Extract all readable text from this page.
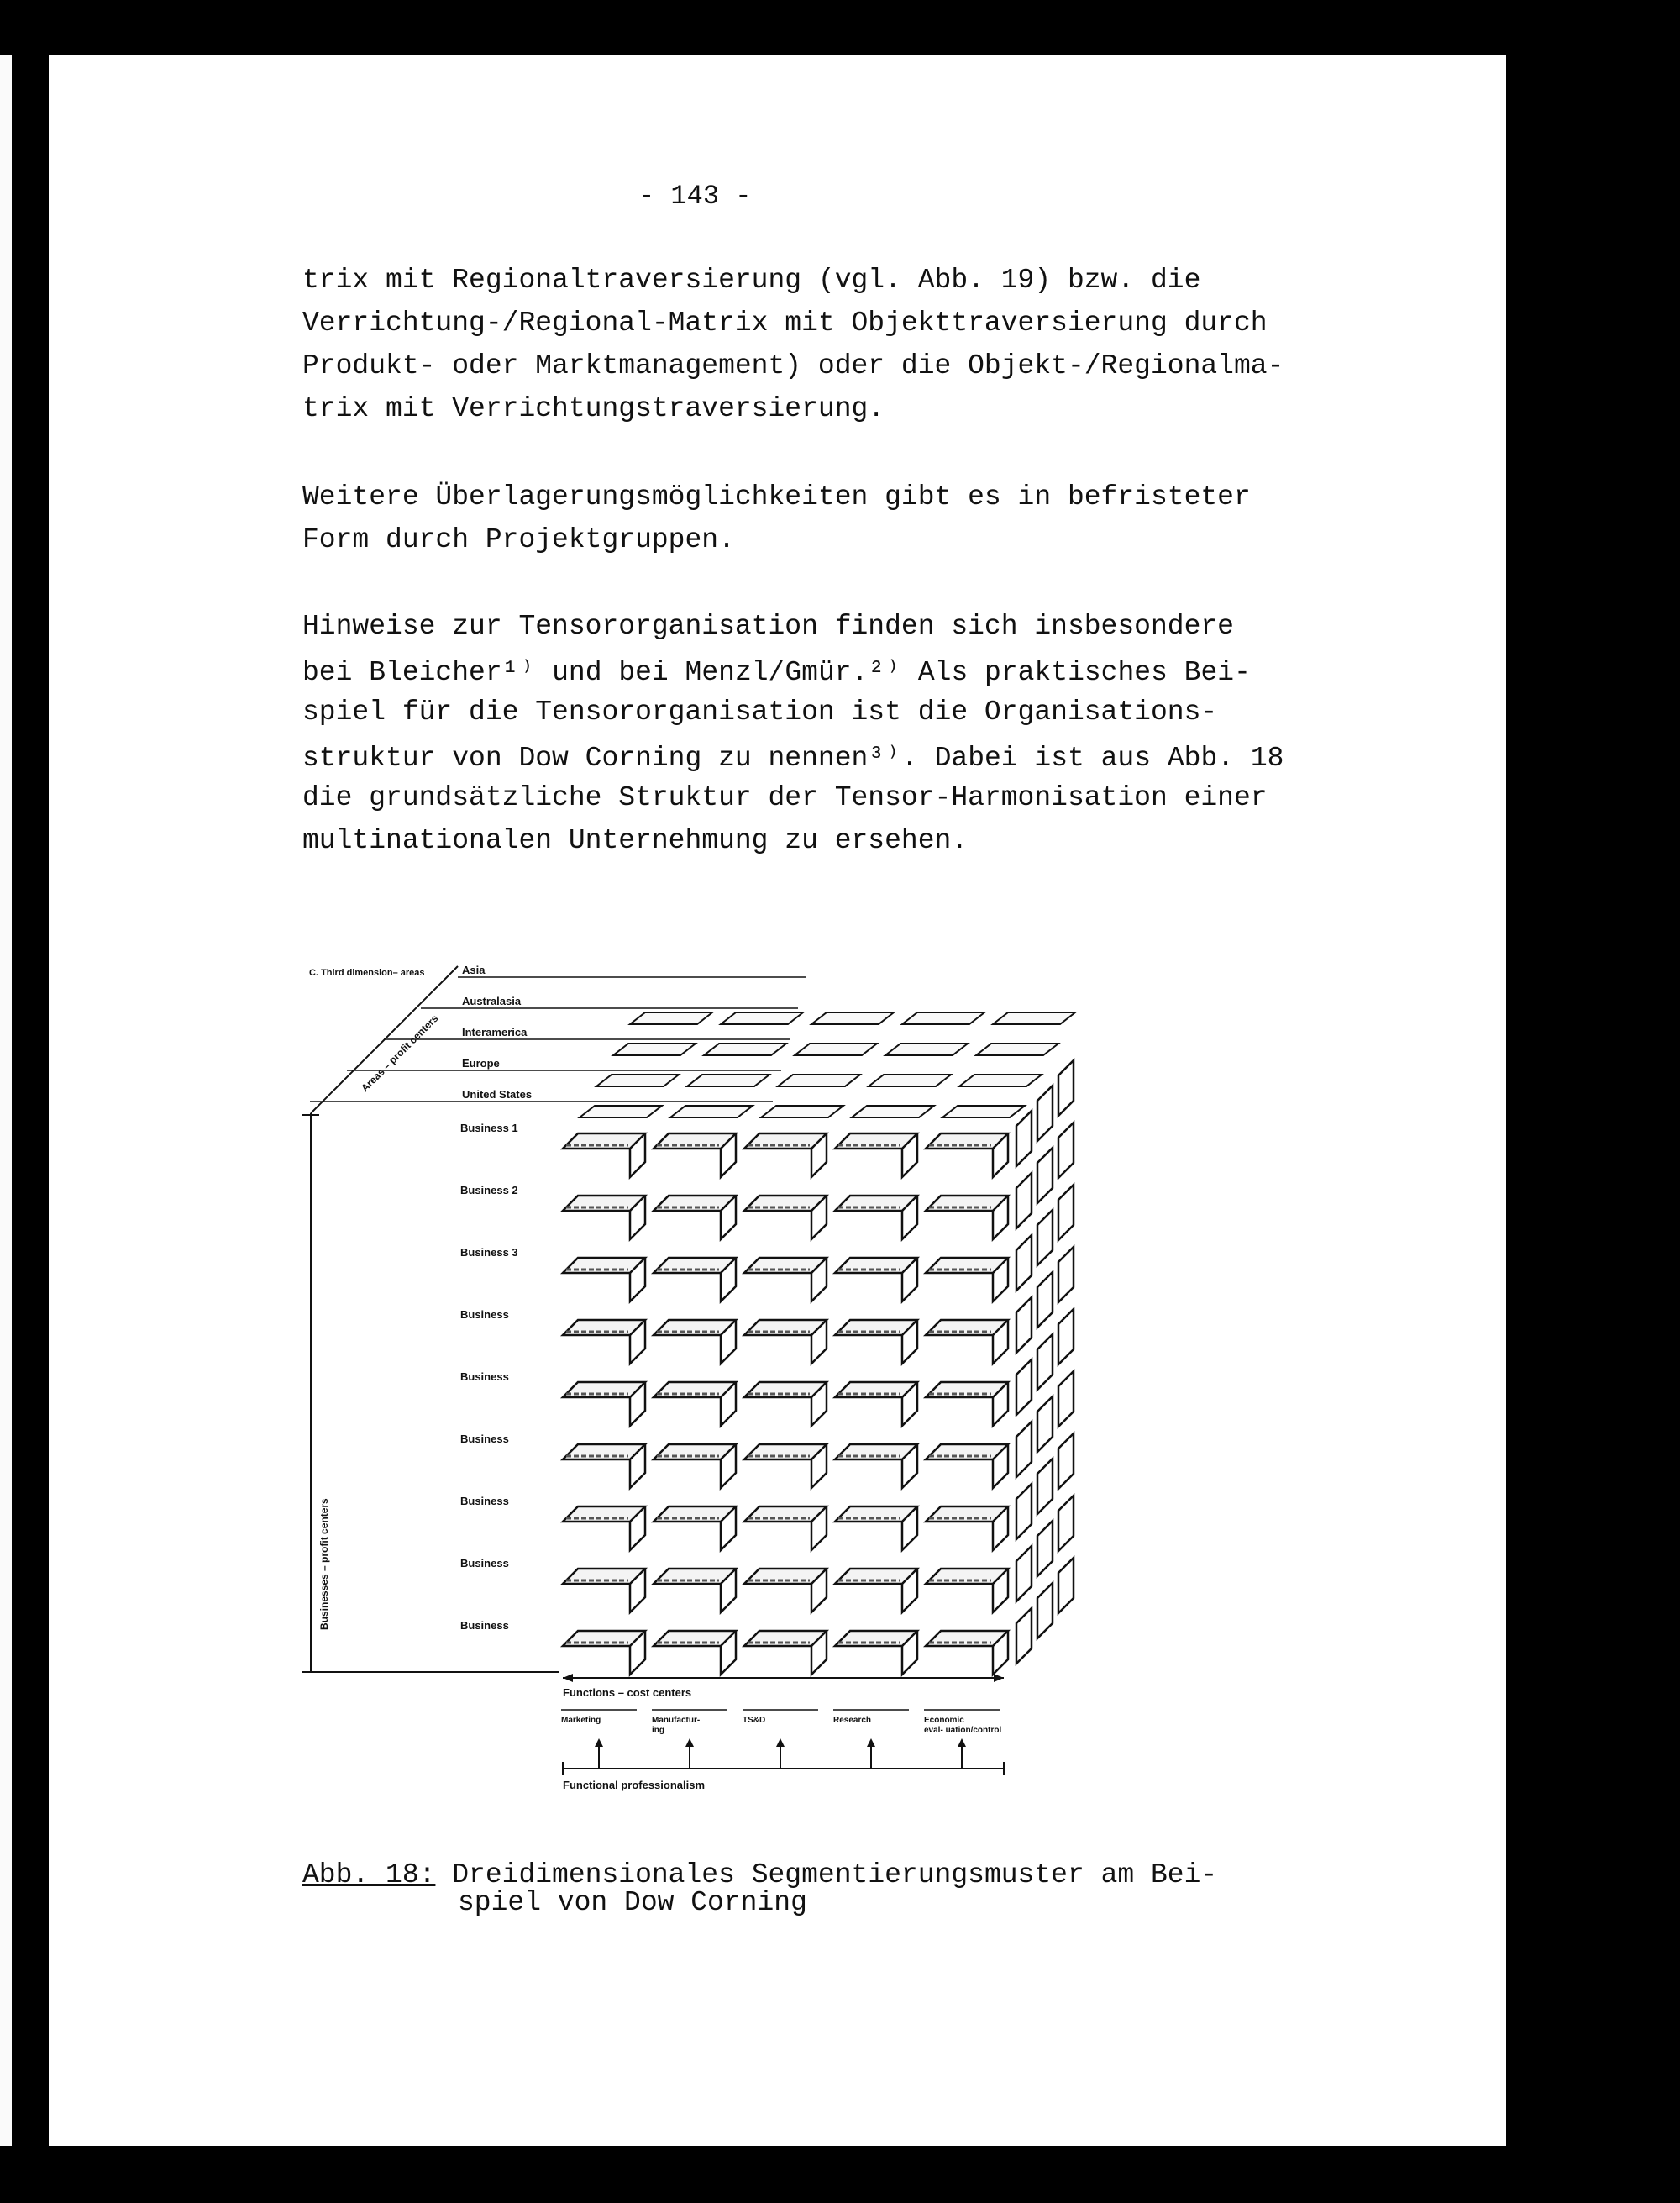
- 143 -
trix mit Regionaltraversierung (vgl. Abb. 19) bzw. die
Verrichtung-/Regional-Matrix mit Objekttraversierung durch
Produkt- oder Marktmanagement) oder die Objekt-/Regionalma-
trix mit Verrichtungstraversierung.
Weitere Überlagerungsmöglichkeiten gibt es in befristeter
Form durch Projektgruppen.
Hinweise zur Tensororganisation finden sich insbesondere
bei Bleicher¹⁾ und bei Menzl/Gmür.²⁾ Als praktisches Bei-
spiel für die Tensororganisation ist die Organisations-
struktur von Dow Corning zu nennen³⁾. Dabei ist aus Abb. 18
die grundsätzliche Struktur der Tensor-Harmonisation einer
multinationalen Unternehmung zu ersehen.
C. Third dimension– areas
Areas – profit centers
Businesses – profit centers
Asia
Australasia
Interamerica
Europe
United States
Business 1
Business 2
Business 3
Business
Business
Business
Business
Business
Business
Functions – cost centers
Marketing	Manufactur-
ing
TS&D	Research	Economic
eval- uation/control
Functional professionalism
Abb. 18: Dreidimensionales Segmentierungsmuster am Bei-
spiel von Dow Corning
